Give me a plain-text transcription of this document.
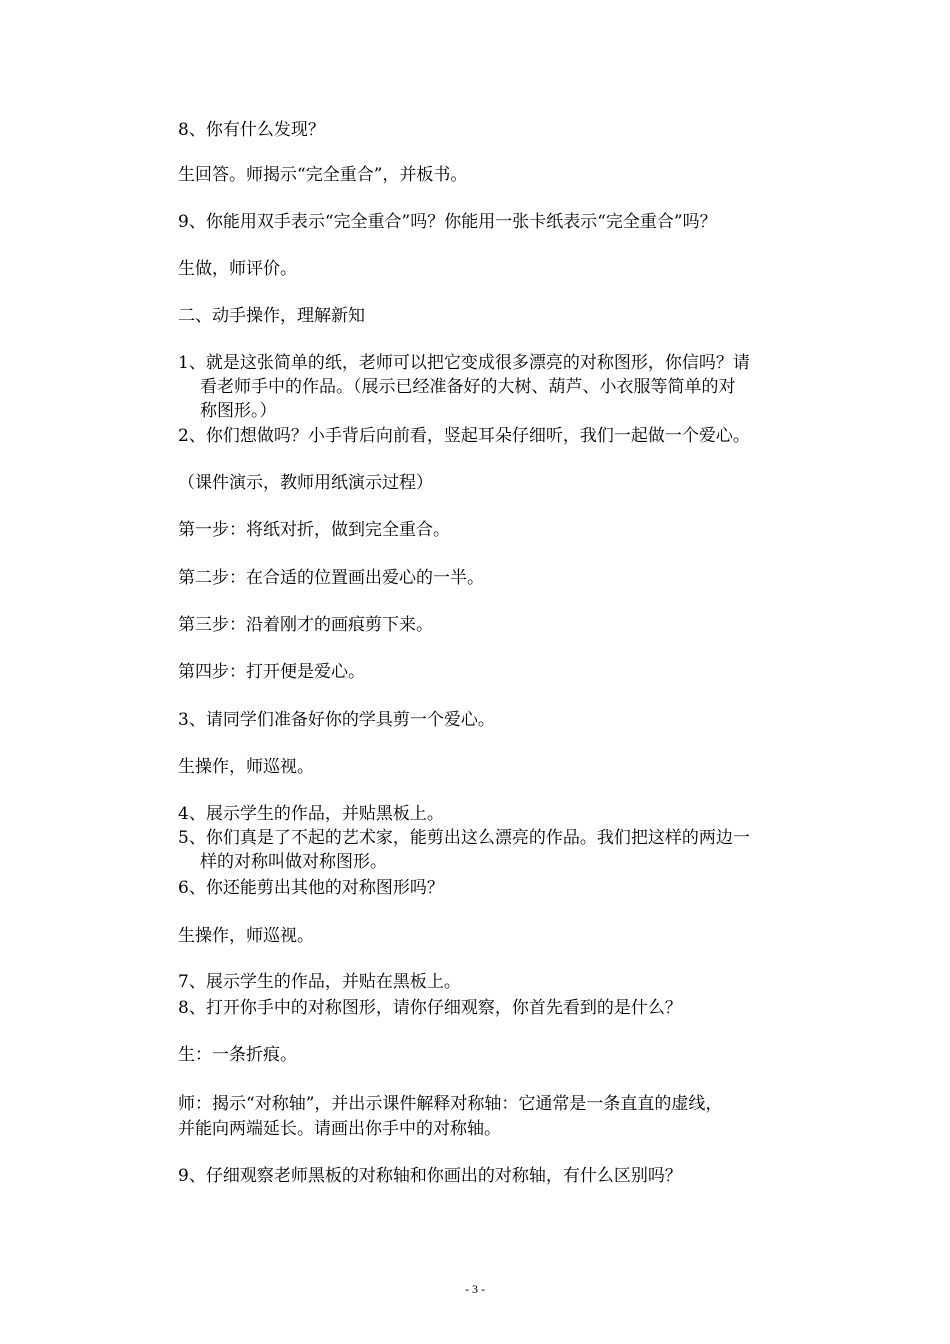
8、你有什么发现？
生回答。师揭示“完全重合”，并板书。
9、你能用双手表示“完全重合”吗？你能用一张卡纸表示“完全重合”吗？
生做，师评价。
二、动手操作，理解新知
1、就是这张简单的纸，老师可以把它变成很多漂亮的对称图形，你信吗？请
看老师手中的作品。（展示已经准备好的大树、葫芦、小衣服等简单的对
称图形。）
2、你们想做吗？小手背后向前看，竖起耳朵仔细听，我们一起做一个爱心。
（课件演示，教师用纸演示过程）
第一步：将纸对折，做到完全重合。
第二步：在合适的位置画出爱心的一半。
第三步：沿着刚才的画痕剪下来。
第四步：打开便是爱心。
3、请同学们准备好你的学具剪一个爱心。
生操作，师巡视。
4、展示学生的作品，并贴黑板上。
5、你们真是了不起的艺术家，能剪出这么漂亮的作品。我们把这样的两边一
样的对称叫做对称图形。
6、你还能剪出其他的对称图形吗？
生操作，师巡视。
7、展示学生的作品，并贴在黑板上。
8、打开你手中的对称图形，请你仔细观察，你首先看到的是什么？
生：一条折痕。
师：揭示“对称轴”，并出示课件解释对称轴：它通常是一条直直的虚线，
并能向两端延长。请画出你手中的对称轴。
9、仔细观察老师黑板的对称轴和你画出的对称轴，有什么区别吗？
- 3 -
